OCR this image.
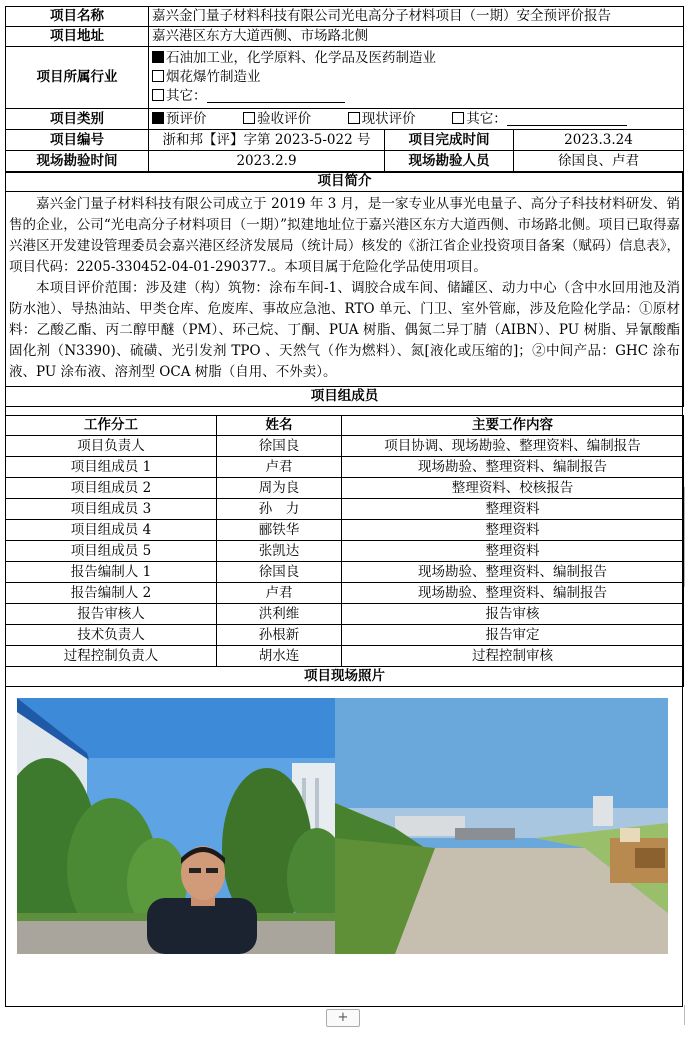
项目名称	嘉兴金门量子材料科技有限公司光电高分子材料项目（一期）安全预评价报告		
项目地址	嘉兴港区东方大道西侧、市场路北侧		
项目所属行业	石油加工业，化学原料、化学品及医药制造业
烟花爆竹制造业
其它：		

项目类别	预评价 验收评价 现状评价 其它：		
项目编号	浙和邦【评】字第 2023-5-022 号	项目完成时间	2023.3.24
现场勘验时间	2023.2.9	现场勘验人员	徐国良、卢君
项目简介			

嘉兴金门量子材料科技有限公司成立于 2019 年 3 月，是一家专业从事光电量子、高分子科技材料研发、销售的企业，公司“光电高分子材料项目（一期）”拟建地址位于嘉兴港区东方大道西侧、市场路北侧。项目已取得嘉兴港区开发建设管理委员会嘉兴港区经济发展局（统计局）核发的《浙江省企业投资项目备案（赋码）信息表》，项目代码：2205-330452-04-01-290377.。本项目属于危险化学品使用项目。
本项目评价范围：涉及建（构）筑物：涂布车间-1、调胶合成车间、储罐区、动力中心（含中水回用池及消防水池）、导热油站、甲类仓库、危废库、事故应急池、RTO 单元、门卫、室外管廊，涉及危险化学品：①原材料：乙酸乙酯、丙二醇甲醚（PM）、环己烷、丁酮、PUA 树脂、偶氮二异丁腈（AIBN）、PU 树脂、异氰酸酯固化剂（N3390)、硫磺、光引发剂 TPO 、天然气（作为燃料）、氮[液化或压缩的]；②中间产品：GHC 涂布液、PU 涂布液、溶剂型 OCA 树脂（自用、不外卖）。			

项目组成员			
工作分工	姓名	主要工作内容
项目负责人	徐国良	项目协调、现场勘验、整理资料、编制报告
项目组成员 1	卢君	现场勘验、整理资料、编制报告
项目组成员 2	周为良	整理资料、校核报告
项目组成员 3	孙　力	整理资料
项目组成员 4	郦铁华	整理资料
项目组成员 5	张凯达	整理资料
报告编制人 1	徐国良	现场勘验、整理资料、编制报告
报告编制人 2	卢君	现场勘验、整理资料、编制报告
报告审核人	洪利维	报告审核
技术负责人	孙根新	报告审定
过程控制负责人	胡水连	过程控制审核
项目现场照片		
+
